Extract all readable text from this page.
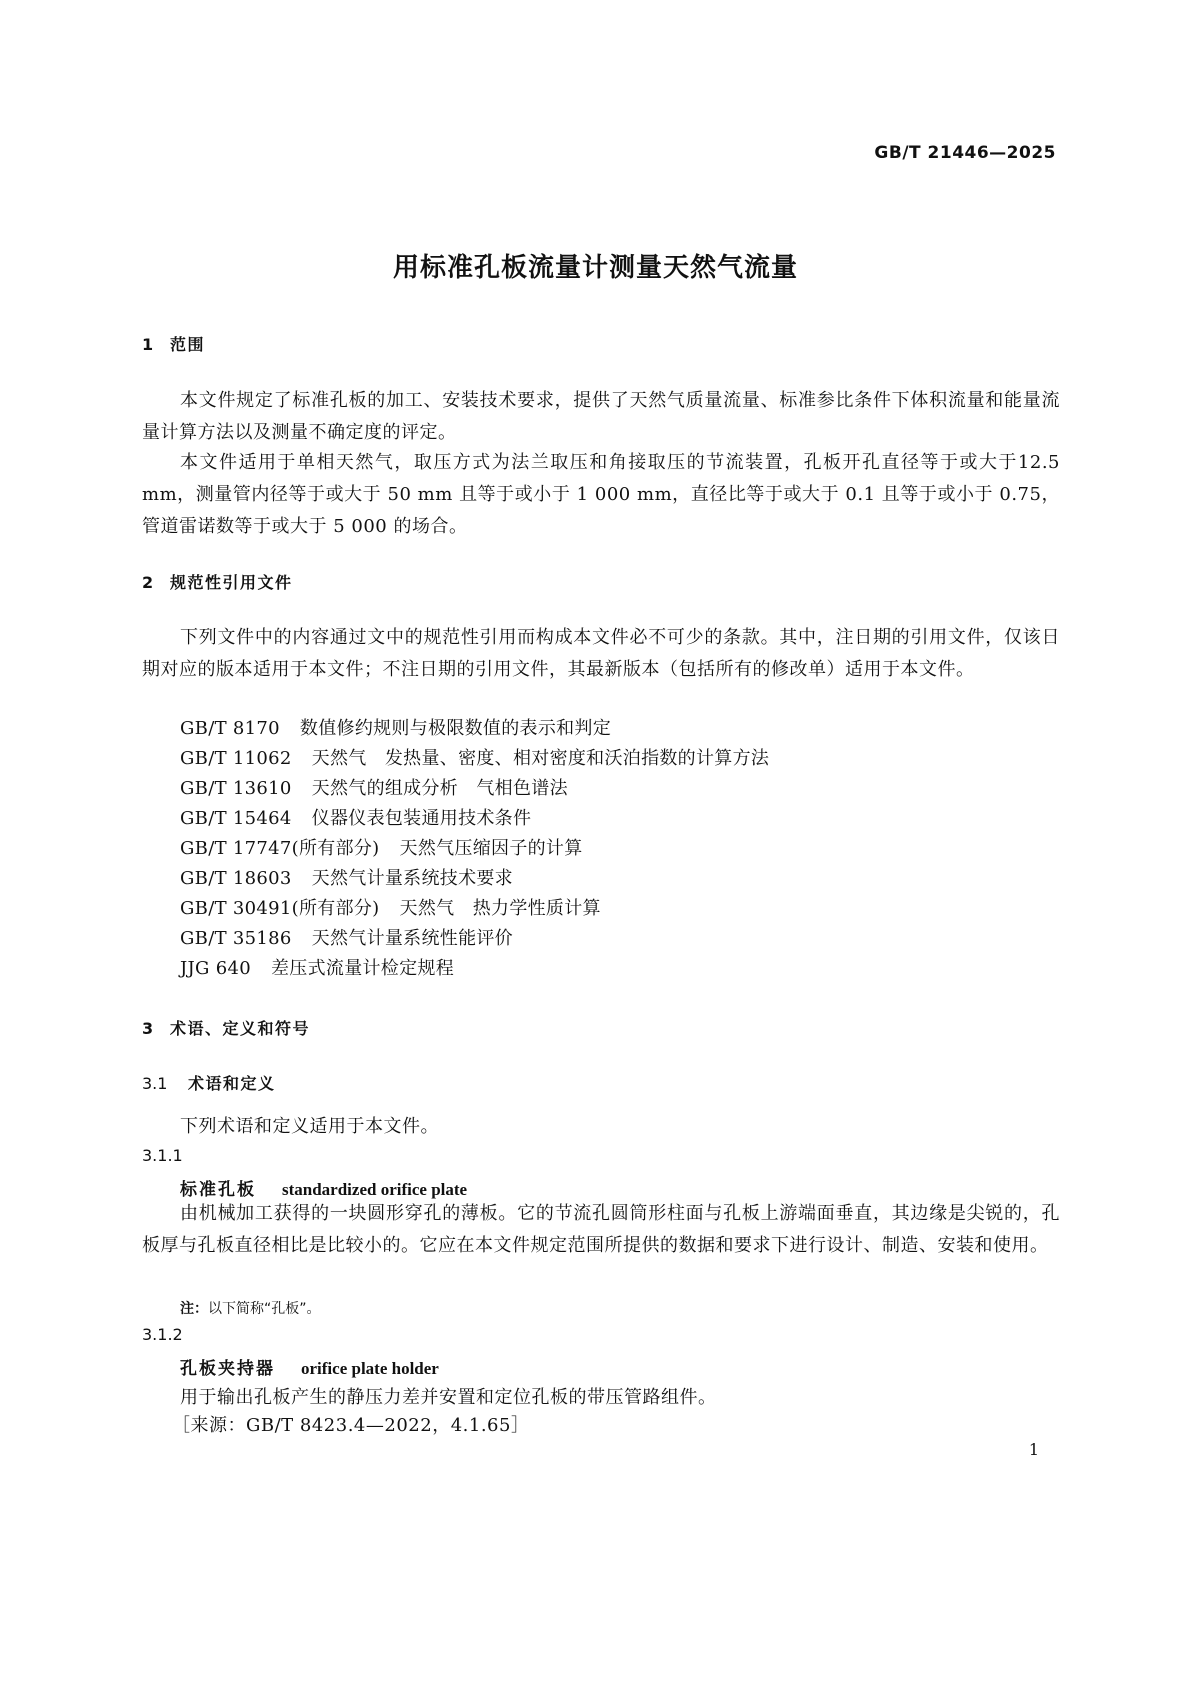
GB/T 21446—2025
用标准孔板流量计测量天然气流量
1 范围

本文件规定了标准孔板的加工、安装技术要求，提供了天然气质量流量、标准参比条件下体积流量和能量流量计算方法以及测量不确定度的评定。

本文件适用于单相天然气，取压方式为法兰取压和角接取压的节流装置，孔板开孔直径等于或大于12.5 mm，测量管内径等于或大于 50 mm 且等于或小于 1 000 mm，直径比等于或大于 0.1 且等于或小于 0.75，管道雷诺数等于或大于 5 000 的场合。

2 规范性引用文件

下列文件中的内容通过文中的规范性引用而构成本文件必不可少的条款。其中，注日期的引用文件，仅该日期对应的版本适用于本文件；不注日期的引用文件，其最新版本（包括所有的修改单）适用于本文件。

GB/T 8170 数值修约规则与极限数值的表示和判定
GB/T 11062 天然气　发热量、密度、相对密度和沃泊指数的计算方法
GB/T 13610 天然气的组成分析　气相色谱法
GB/T 15464 仪器仪表包装通用技术条件
GB/T 17747(所有部分) 天然气压缩因子的计算
GB/T 18603 天然气计量系统技术要求
GB/T 30491(所有部分) 天然气　热力学性质计算
GB/T 35186 天然气计量系统性能评价
JJG 640 差压式流量计检定规程
3 术语、定义和符号
3.1 术语和定义
下列术语和定义适用于本文件。
3.1.1
标准孔板 standardized orifice plate

由机械加工获得的一块圆形穿孔的薄板。它的节流孔圆筒形柱面与孔板上游端面垂直，其边缘是尖锐的，孔板厚与孔板直径相比是比较小的。它应在本文件规定范围所提供的数据和要求下进行设计、制造、安装和使用。

注：以下简称“孔板”。
3.1.2
孔板夹持器 orifice plate holder
用于输出孔板产生的静压力差并安置和定位孔板的带压管路组件。
［来源：GB/T 8423.4—2022，4.1.65］
1
